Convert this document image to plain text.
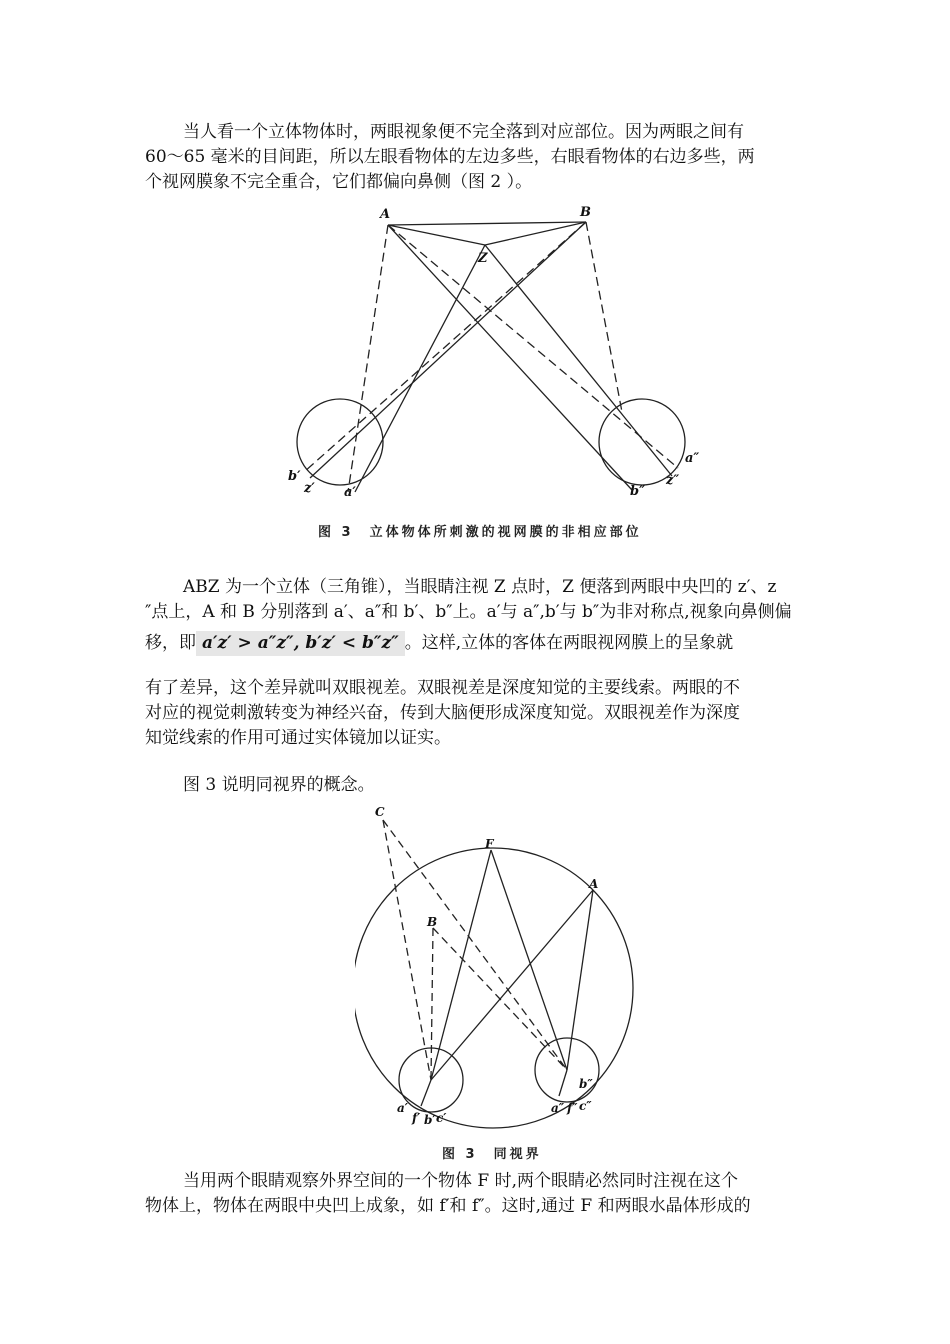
当人看一个立体物体时，两眼视象便不完全落到对应部位。因为两眼之间有
60～65 毫米的目间距，所以左眼看物体的左边多些，右眼看物体的右边多些，两
个视网膜象不完全重合，它们都偏向鼻侧（图 2 ）。
A	B
Z
b′
z′ a′	b″
z″
a″
图 3　立体物体所刺激的视网膜的非相应部位
ABZ 为一个立体（三角锥），当眼睛注视 Z 点时，Z 便落到两眼中央凹的 z′、z
″点上，A 和 B 分别落到 a′、a″和 b′、b″上。a′与 a″,b′与 b″为非对称点,视象向鼻侧偏
移，即 a′z′ > a″z″, b′z′ < b″z″ 。这样,立体的客体在两眼视网膜上的呈象就
有了差异，这个差异就叫双眼视差。双眼视差是深度知觉的主要线索。两眼的不
对应的视觉刺激转变为神经兴奋，传到大脑便形成深度知觉。双眼视差作为深度
知觉线索的作用可通过实体镜加以证实。
图 3 说明同视界的概念。
C
F
A
B
a′
f′ b′ c′
a″ f″ c″
b″
图 3　同视界
当用两个眼睛观察外界空间的一个物体 F 时,两个眼睛必然同时注视在这个
物体上，物体在两眼中央凹上成象，如 f′和 f″。这时,通过 F 和两眼水晶体形成的
